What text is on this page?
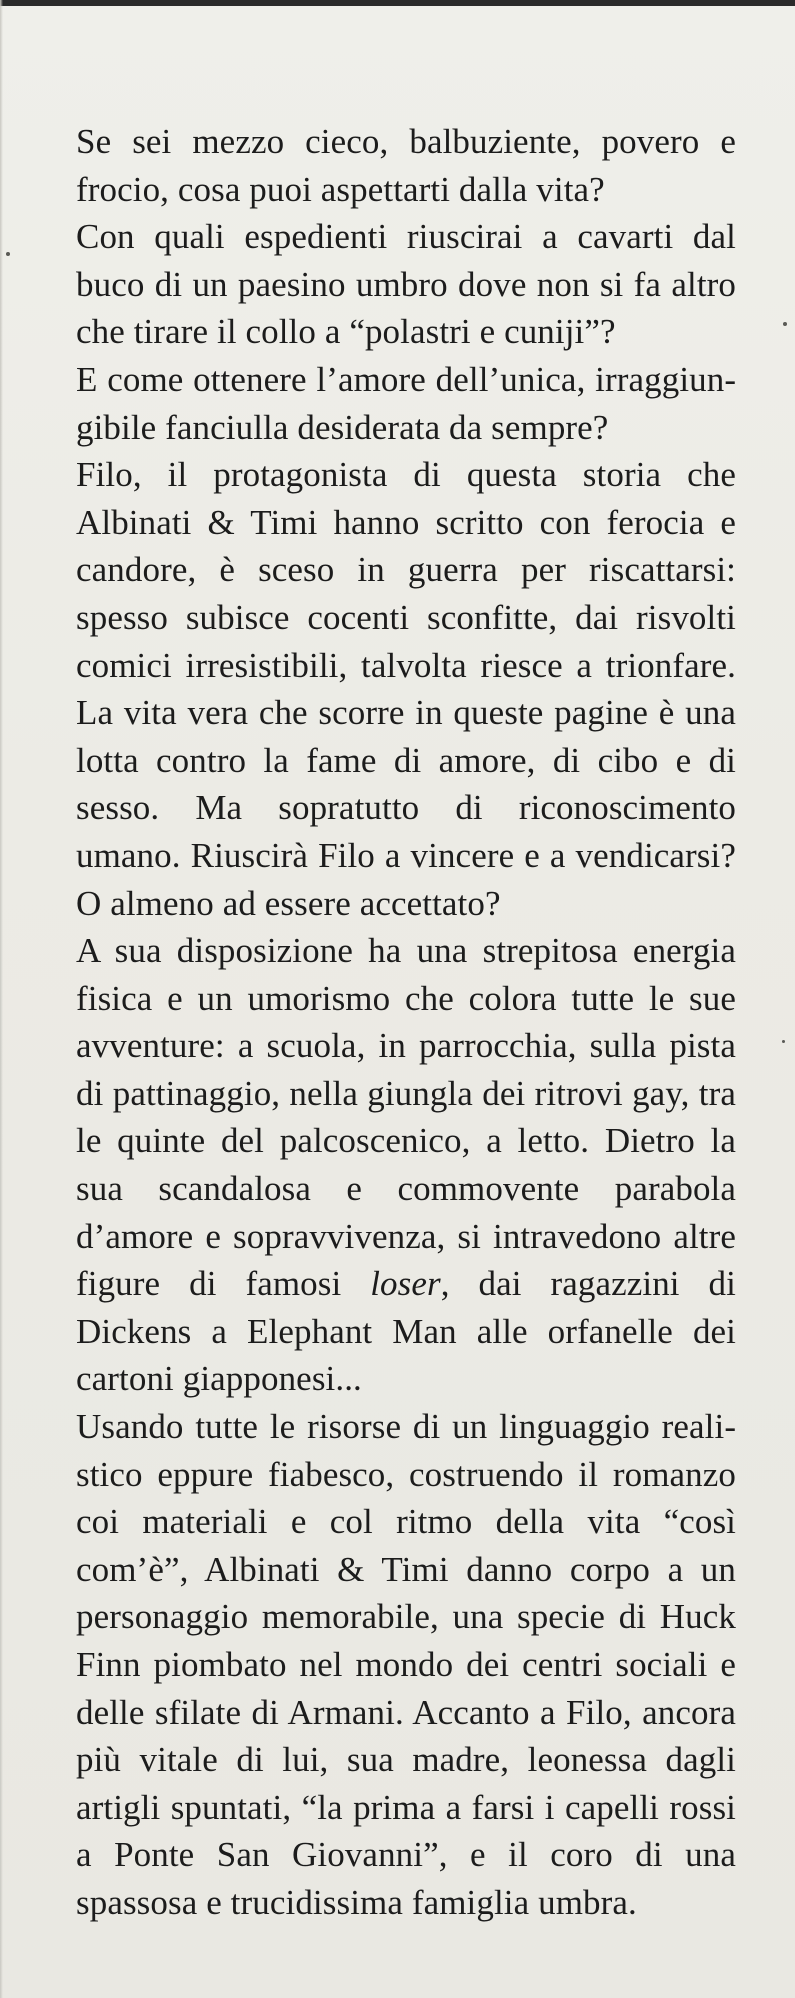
Se sei mezzo cieco, balbuziente, povero e frocio, cosa puoi aspettarti dalla vita?

Con quali espedienti riuscirai a cavarti dal buco di un paesino umbro dove non si fa altro che tirare il collo a “polastri e cuniji”?

E come ottenere l’amore dell’unica, irraggiungibile fanciulla desiderata da sempre?

Filo, il protagonista di questa storia che Albinati & Timi hanno scritto con ferocia e candore, è sceso in guerra per riscattarsi: spesso subisce cocenti sconfitte, dai risvolti comici irresistibili, talvolta riesce a trionfare. La vita vera che scorre in queste pagine è una lotta contro la fame di amore, di cibo e di sesso. Ma sopratutto di riconoscimento umano. Riuscirà Filo a vincere e a vendicarsi? O almeno ad essere accettato?

A sua disposizione ha una strepitosa energia fisica e un umorismo che colora tutte le sue avventure: a scuola, in parrocchia, sulla pista di pattinaggio, nella giungla dei ritrovi gay, tra le quinte del palcoscenico, a letto. Dietro la sua scandalosa e commovente parabola d’amore e sopravvivenza, si intravedono altre figure di famosi loser, dai ragazzini di Dickens a Elephant Man alle orfanelle dei cartoni giapponesi...

Usando tutte le risorse di un linguaggio realistico eppure fiabesco, costruendo il romanzo coi materiali e col ritmo della vita “così com’è”, Albinati & Timi danno corpo a un personaggio memorabile, una specie di Huck Finn piombato nel mondo dei centri sociali e delle sfilate di Armani. Accanto a Filo, ancora più vitale di lui, sua madre, leonessa dagli artigli spuntati, “la prima a farsi i capelli rossi a Ponte San Giovanni”, e il coro di una spassosa e trucidissima famiglia umbra.
